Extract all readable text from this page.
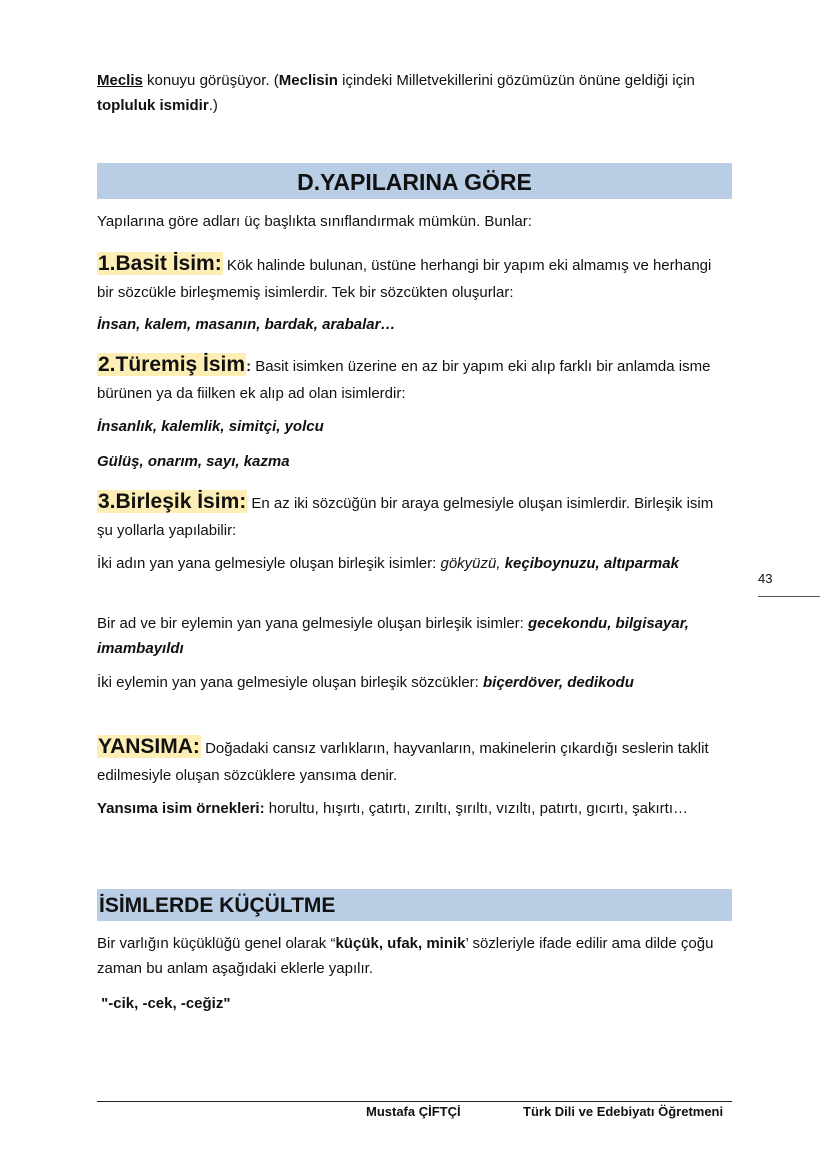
Meclis konuyu görüşüyor. (Meclisin içindeki Milletvekillerini gözümüzün önüne geldiği için topluluk ismidir.)

D.YAPILARINA GÖRE

Yapılarına göre adları üç başlıkta sınıflandırmak mümkün. Bunlar:

1.Basit İsim: Kök halinde bulunan, üstüne herhangi bir yapım eki almamış ve herhangi bir sözcükle birleşmemiş isimlerdir. Tek bir sözcükten oluşurlar:

İnsan, kalem, masanın, bardak, arabalar…

2.Türemiş İsim: Basit isimken üzerine en az bir yapım eki alıp farklı bir anlamda isme bürünen ya da fiilken ek alıp ad olan isimlerdir:

İnsanlık, kalemlik, simitçi, yolcu

Gülüş, onarım, sayı, kazma

3.Birleşik İsim: En az iki sözcüğün bir araya gelmesiyle oluşan isimlerdir. Birleşik isim şu yollarla yapılabilir:

İki adın yan yana gelmesiyle oluşan birleşik isimler: gökyüzü, keçiboynuzu, altıparmak

Bir ad ve bir eylemin yan yana gelmesiyle oluşan birleşik isimler: gecekondu, bilgisayar, imambayıldı

İki eylemin yan yana gelmesiyle oluşan birleşik sözcükler: biçerdöver, dedikodu

YANSIMA: Doğadaki cansız varlıkların, hayvanların, makinelerin çıkardığı seslerin taklit edilmesiyle oluşan sözcüklere yansıma denir.

Yansıma isim örnekleri: horultu, hışırtı, çatırtı, zırıltı, şırıltı, vızıltı, patırtı, gıcırtı, şakırtı…

İSİMLERDE KÜÇÜLTME

Bir varlığın küçüklüğü genel olarak “küçük, ufak, minik’ sözleriyle ifade edilir ama dilde çoğu zaman bu anlam aşağıdaki eklerle yapılır.

"-cik, -cek, -ceğiz"

43
Mustafa ÇİFTÇİ	Türk Dili ve Edebiyatı Öğretmeni
